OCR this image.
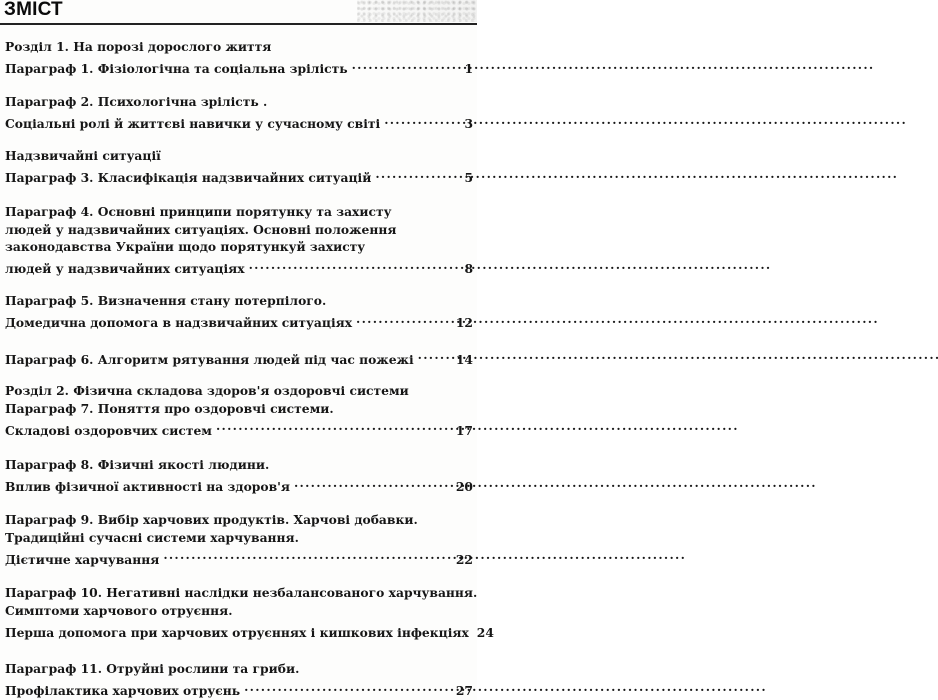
ЗМІСТ
Розділ 1. На порозі дорослого життя
Параграф 1. Фізіологічна та соціальна зрілість . . .	1
Параграф 2. Психологічна зрілість .
Соціальні ролі й життєві навички у сучасному світі . . .	3
Надзвичайні ситуації
Параграф 3. Класифікація надзвичайних ситуацій . . .	5
Параграф 4. Основні принципи порятунку та захисту
людей у надзвичайних ситуаціях. Основні положення
законодавства України щодо порятункуй захисту
людей у надзвичайних ситуаціях . . .	8
Параграф 5. Визначення стану потерпілого.
Домедична допомога в надзвичайних ситуаціях . . .	12
Параграф 6. Алгоритм рятування людей під час пожежі . . .	14
Розділ 2. Фізична складова здоров'я оздоровчі системи
Параграф 7. Поняття про оздоровчі системи.
Складові оздоровчих систем . . .	17
Параграф 8. Фізичні якості людини.
Вплив фізичної активності на здоров'я . . .	20
Параграф 9. Вибір харчових продуктів. Харчові добавки.
Традиційні сучасні системи харчування.
Дієтичне харчування . . .	22
Параграф 10. Негативні наслідки незбалансованого харчування.
Симптоми харчового отруєння.
Перша допомога при харчових отруєннях і кишкових інфекціях 24
Параграф 11. Отруйні рослини та гриби.
Профілактика харчових отруєнь . . .	27
